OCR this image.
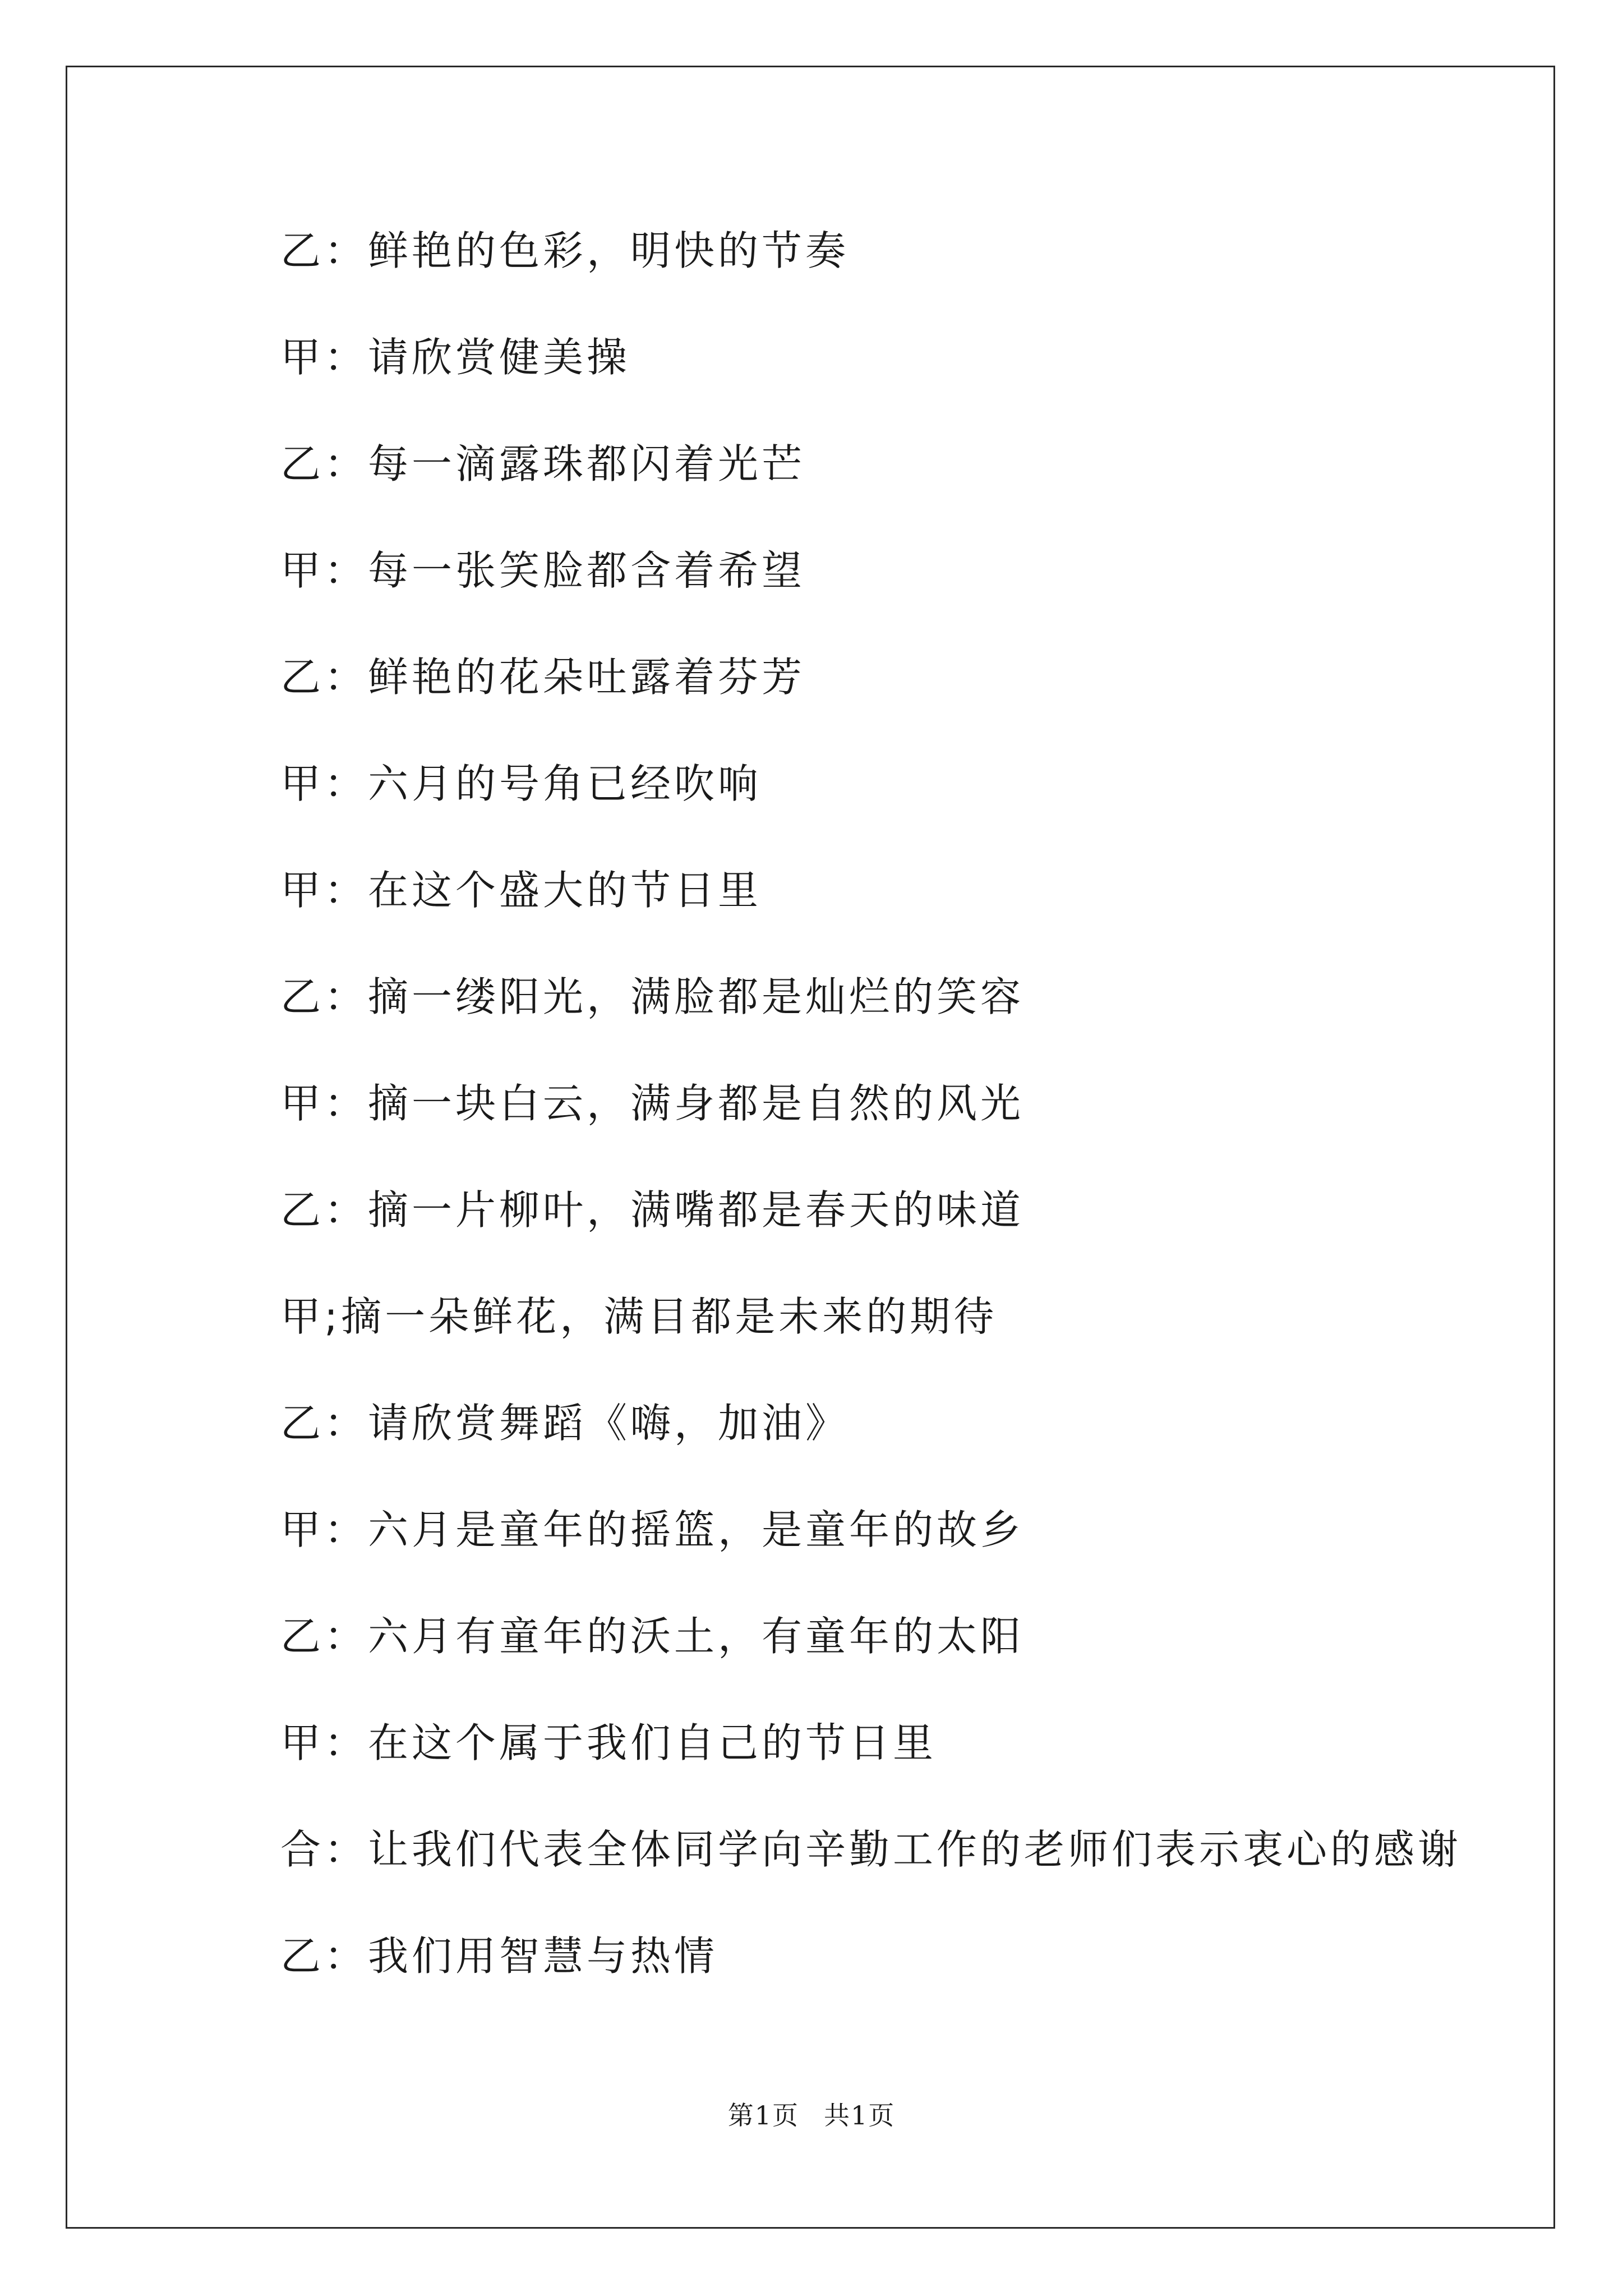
乙：鲜艳的色彩，明快的节奏
甲：请欣赏健美操
乙：每一滴露珠都闪着光芒
甲：每一张笑脸都含着希望
乙：鲜艳的花朵吐露着芬芳
甲：六月的号角已经吹响
甲：在这个盛大的节日里
乙：摘一缕阳光，满脸都是灿烂的笑容
甲：摘一块白云，满身都是自然的风光
乙：摘一片柳叶，满嘴都是春天的味道
甲;摘一朵鲜花，满目都是未来的期待
乙：请欣赏舞蹈《嗨，加油》
甲：六月是童年的摇篮，是童年的故乡
乙：六月有童年的沃土，有童年的太阳
甲：在这个属于我们自己的节日里
合：让我们代表全体同学向辛勤工作的老师们表示衷心的感谢
乙：我们用智慧与热情
第1页 共1页
